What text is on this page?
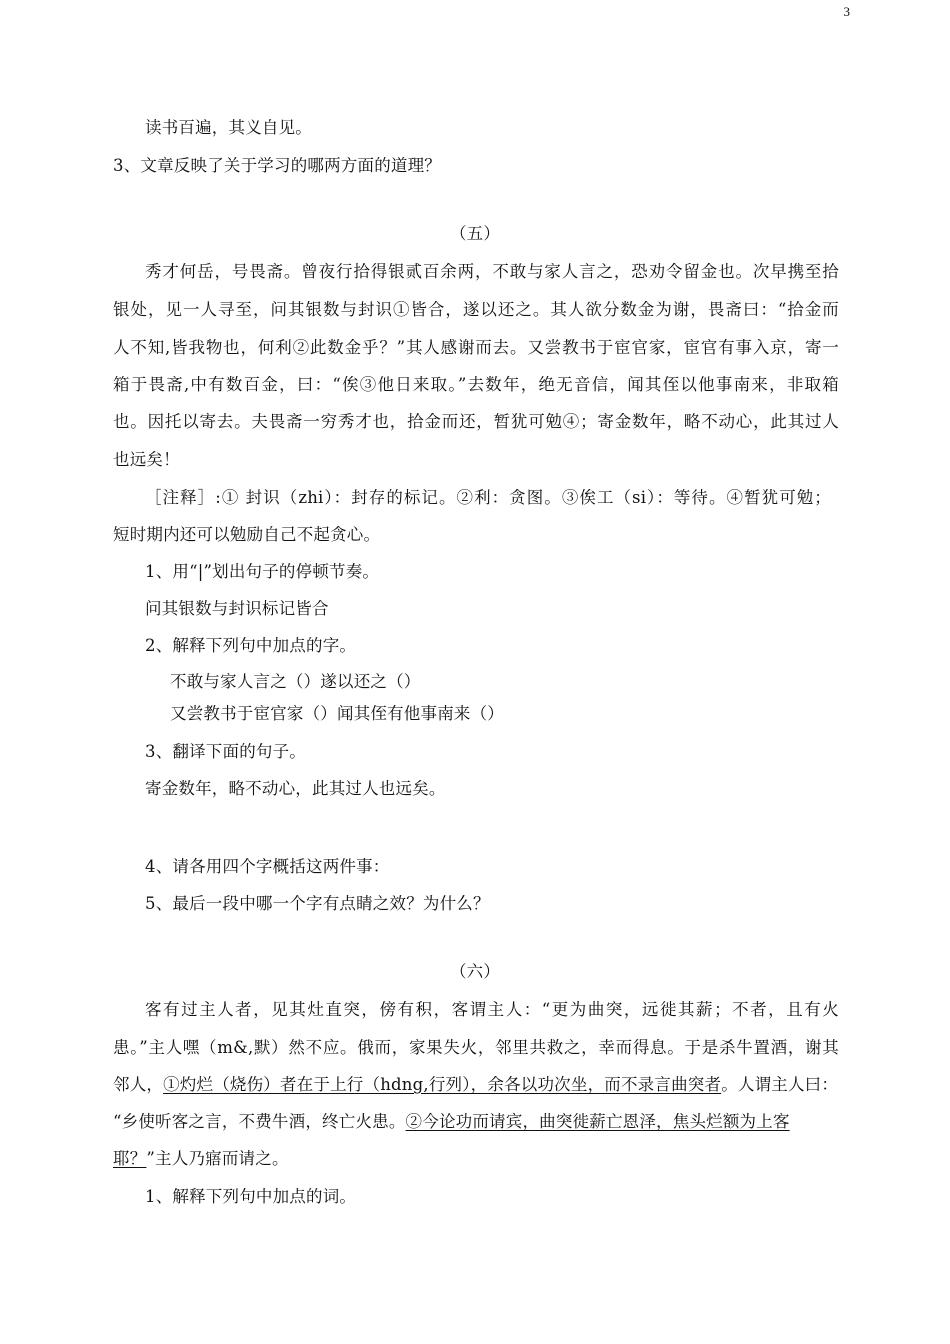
3
读书百遍，其义自见。
3、文章反映了关于学习的哪两方面的道理？
（五）
秀才何岳，号畏斋。曾夜行拾得银贰百余两，不敢与家人言之，恐劝令留金也。次早携至拾
银处，见一人寻至，问其银数与封识①皆合，遂以还之。其人欲分数金为谢，畏斋曰：“拾金而
人不知,皆我物也，何利②此数金乎？”其人感谢而去。又尝教书于宦官家，宦官有事入京，寄一
箱于畏斋,中有数百金，曰：“俟③他日来取。”去数年，绝无音信，闻其侄以他事南来，非取箱
也。因托以寄去。夫畏斋一穷秀才也，拾金而还，暂犹可勉④；寄金数年，略不动心，此其过人
也远矣！
［注释］:① 封识（zhi）：封存的标记。②利：贪图。③俟工（si）：等待。④暂犹可勉；
短时期内还可以勉励自己不起贪心。
1、用“|”划出句子的停顿节奏。
问其银数与封识标记皆合
2、解释下列句中加点的字。
不敢与家人言之（）遂以还之（）
又尝教书于宦官家（）闻其侄有他事南来（）
3、翻译下面的句子。
寄金数年，略不动心，此其过人也远矣。
4、请各用四个字概括这两件事：
5、最后一段中哪一个字有点睛之效？为什么？
（六）
客有过主人者，见其灶直突，傍有积，客谓主人：“更为曲突，远徙其薪；不者，且有火
患。”主人嘿（m&,默）然不应。俄而，家果失火，邻里共救之，幸而得息。于是杀牛置酒，谢其
邻人，①灼烂（烧伤）者在于上行（hdng,行列），余各以功次坐，而不录言曲突者。人谓主人曰：
“乡使听客之言，不费牛酒，终亡火患。②今论功而请宾，曲突徙薪亡恩泽，焦头烂额为上客
耶？”主人乃寤而请之。
1、解释下列句中加点的词。
